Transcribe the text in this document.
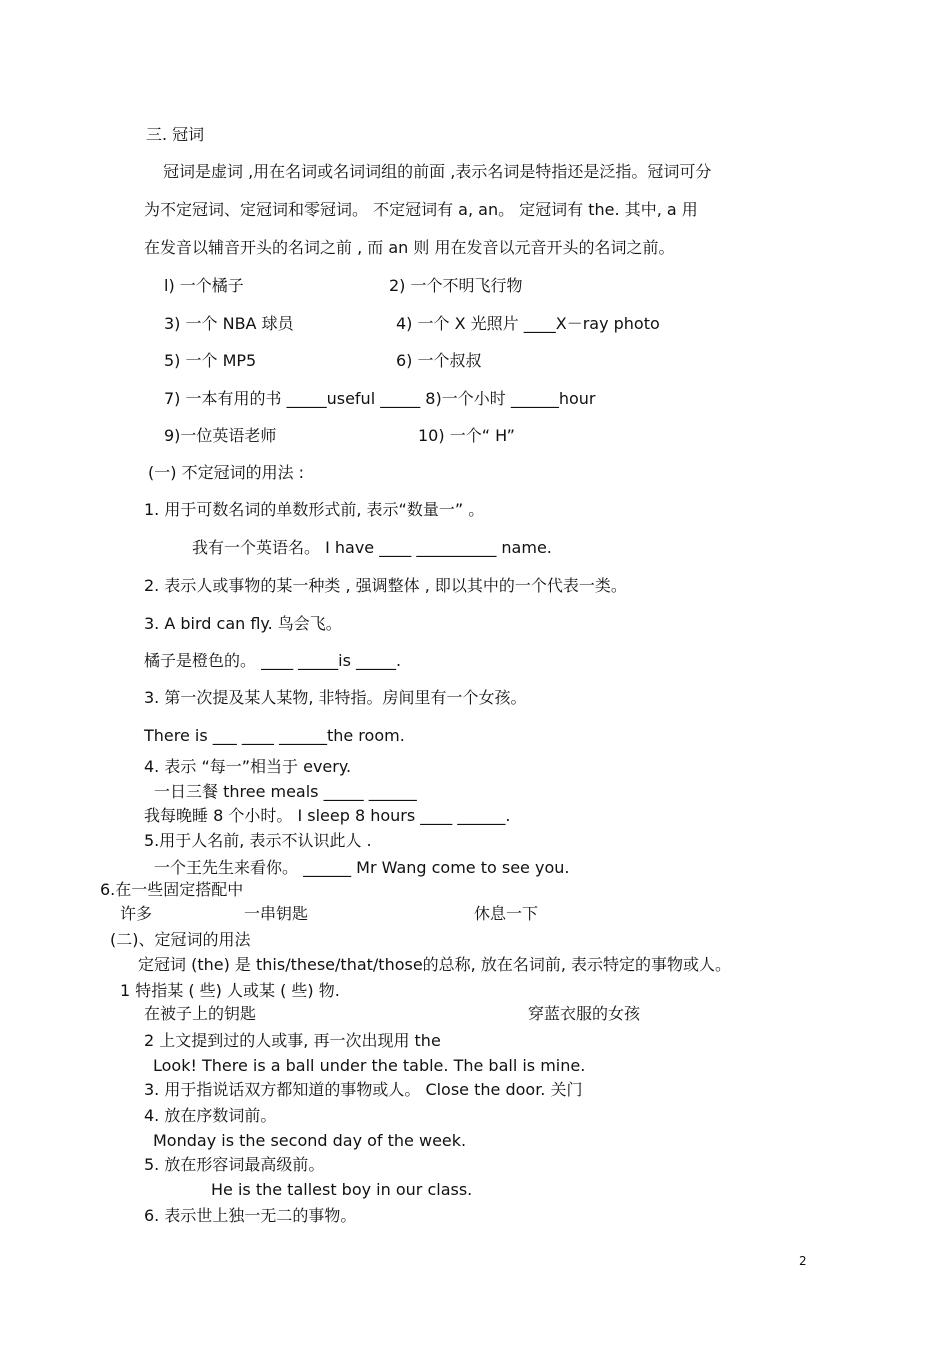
三. 冠词
冠词是虚词 ,用在名词或名词词组的前面 ,表示名词是特指还是泛指。冠词可分
为不定冠词、定冠词和零冠词。 不定冠词有 a, an。 定冠词有 the. 其中, a 用
在发音以辅音开头的名词之前 , 而 an 则 用在发音以元音开头的名词之前。
l) 一个橘子	2) 一个不明飞行物
3) 一个 NBA 球员	4) 一个 X 光照片 ____X－ray photo
5) 一个 MP5	6) 一个叔叔
7) 一本有用的书 _____useful _____ 8)一个小时 ______hour
9)一位英语老师	10) 一个“ H”
(一) 不定冠词的用法 :
1. 用于可数名词的单数形式前, 表示“数量一” 。
我有一个英语名。 I have ____ __________ name.
2. 表示人或事物的某一种类 , 强调整体 , 即以其中的一个代表一类。
3. A bird can fly. 鸟会飞。
橘子是橙色的。 ____ _____is _____.
3. 第一次提及某人某物, 非特指。房间里有一个女孩。
There is ___ ____ ______the room.
4. 表示 “每一”相当于 every.
一日三餐 three meals _____ ______
我每晚睡 8 个小时。 I sleep 8 hours ____ ______.
5.用于人名前, 表示不认识此人 .
一个王先生来看你。 ______ Mr Wang come to see you.
6.在一些固定搭配中
许多	一串钥匙	休息一下
(二)、定冠词的用法
定冠词 (the) 是 this/these/that/those的总称, 放在名词前, 表示特定的事物或人。
1 特指某 ( 些) 人或某 ( 些) 物.
在被子上的钥匙	穿蓝衣服的女孩
2 上文提到过的人或事, 再一次出现用 the
Look! There is a ball under the table. The ball is mine.
3. 用于指说话双方都知道的事物或人。 Close the door. 关门
4. 放在序数词前。
Monday is the second day of the week.
5. 放在形容词最高级前。
He is the tallest boy in our class.
6. 表示世上独一无二的事物。
2
